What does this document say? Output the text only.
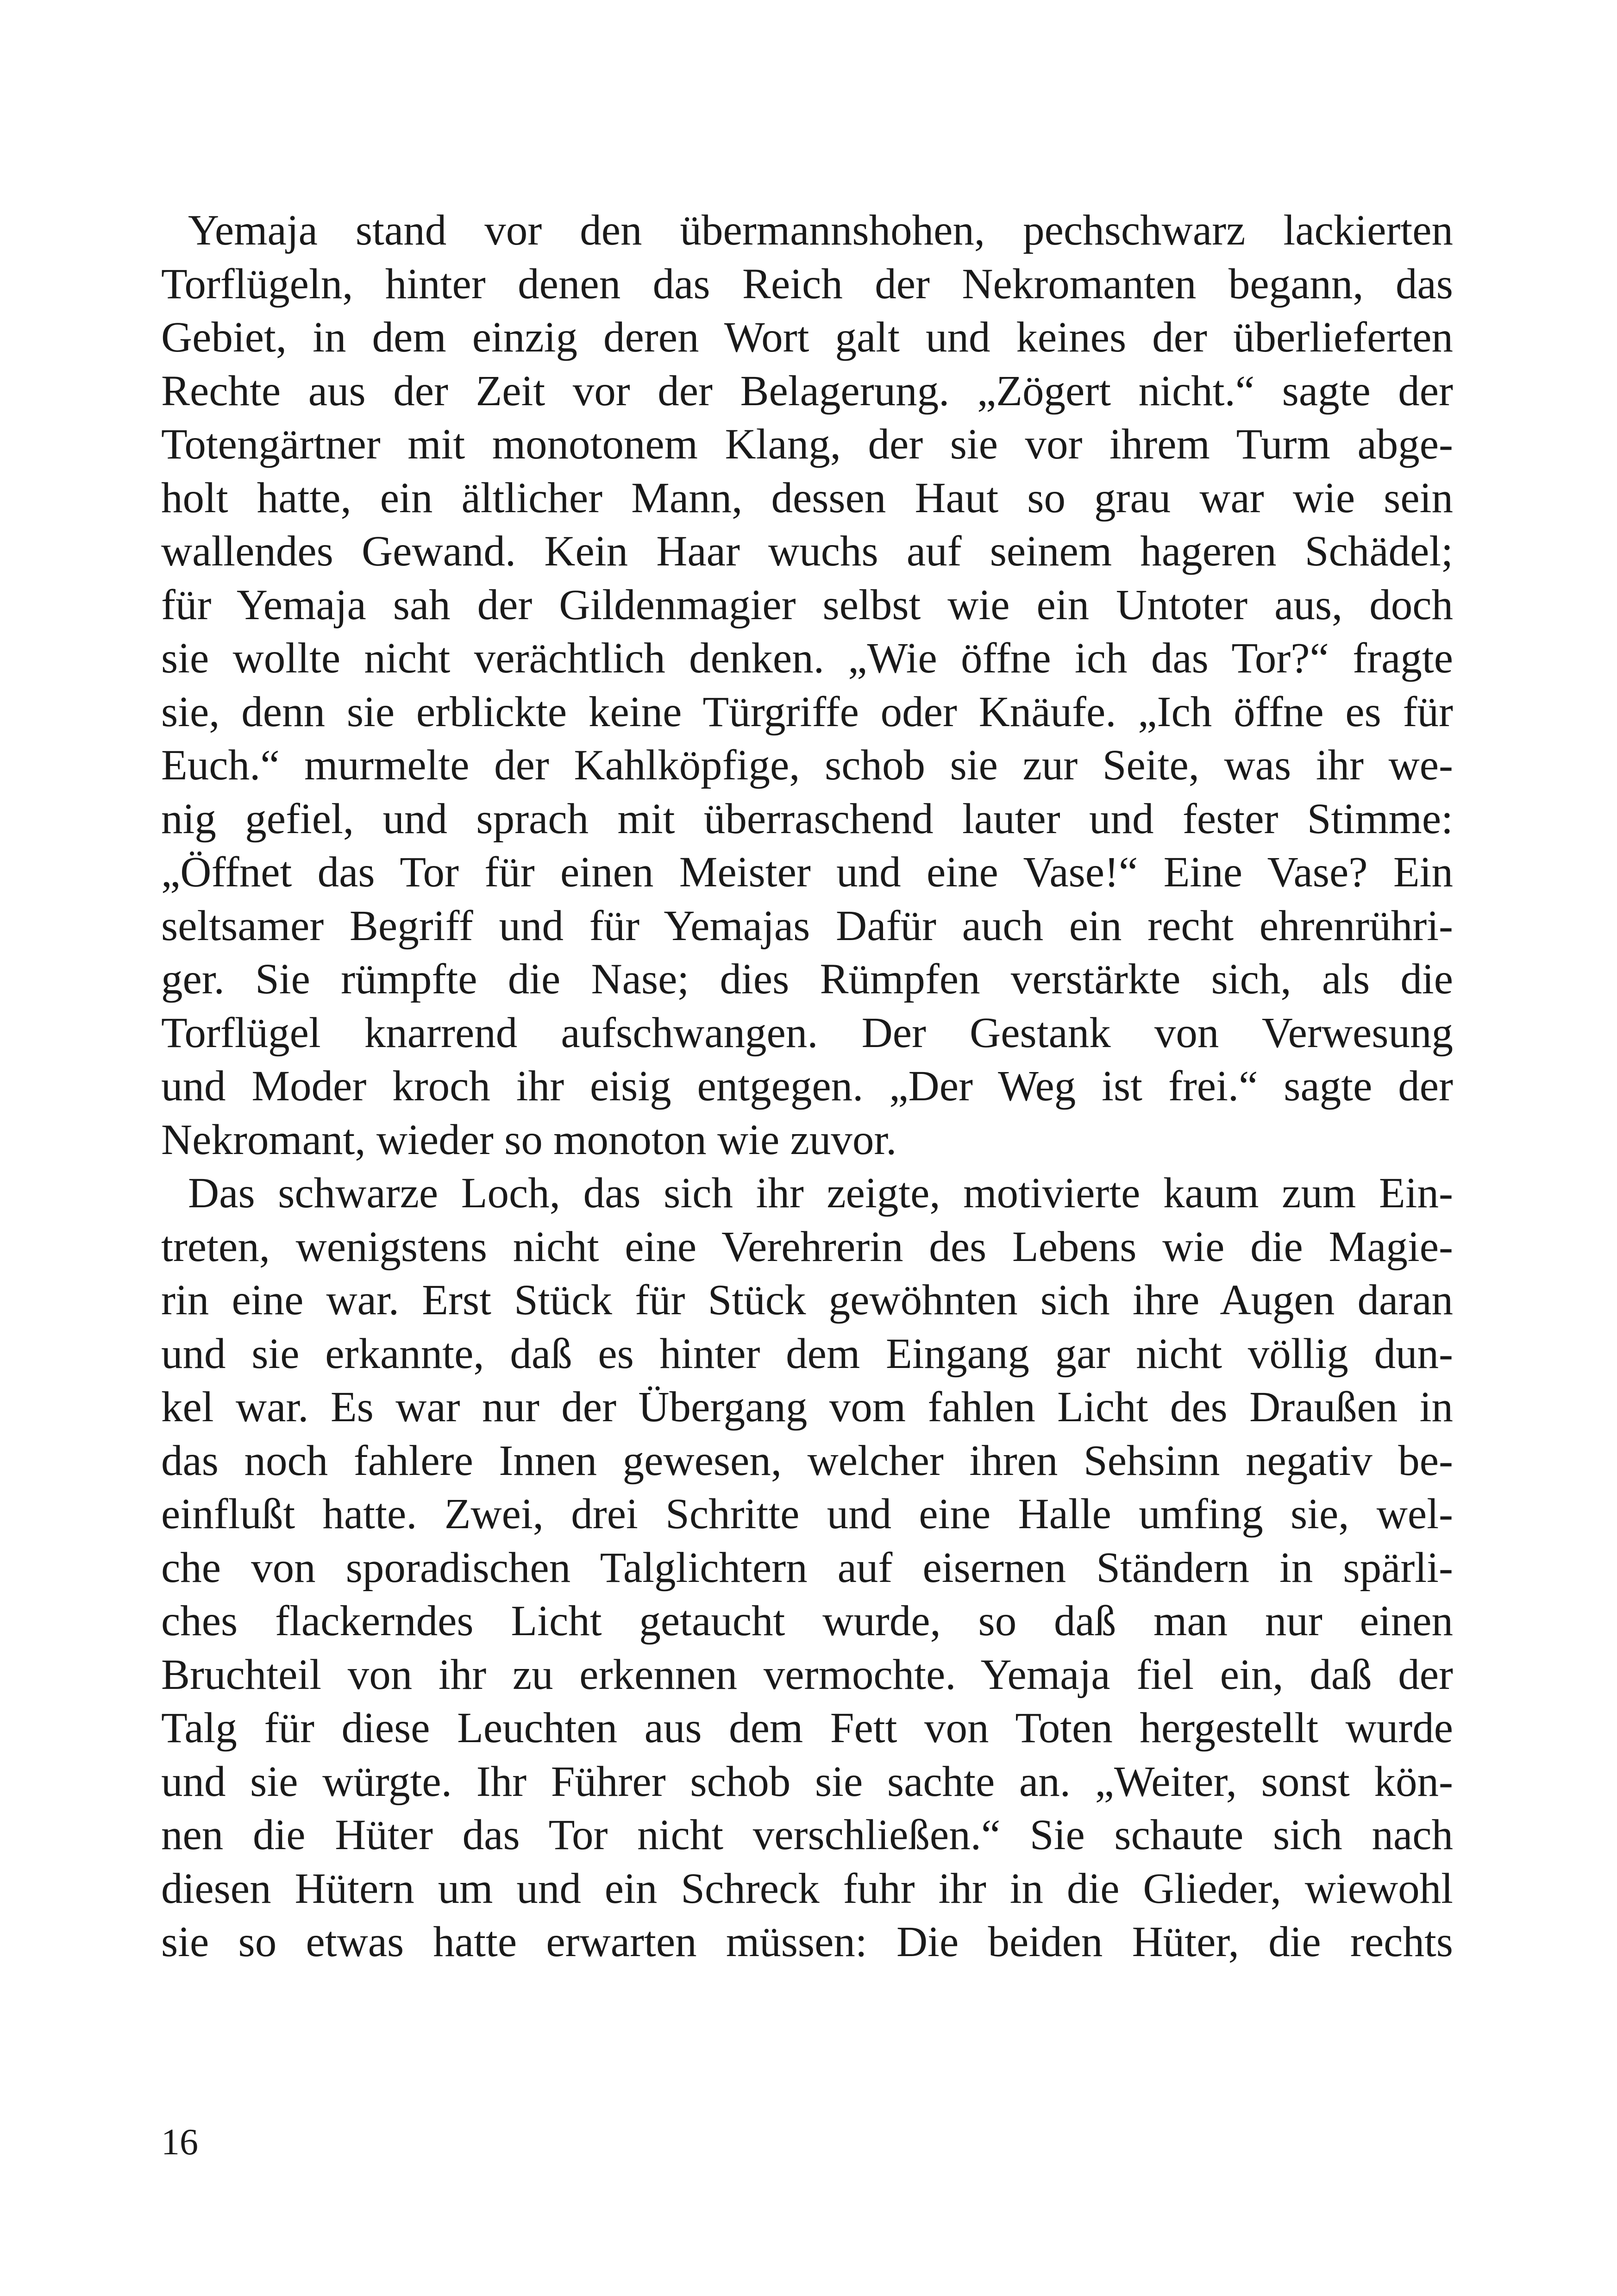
Yemaja stand vor den übermannshohen, pechschwarz lackierten
Torflügeln, hinter denen das Reich der Nekromanten begann, das
Gebiet, in dem einzig deren Wort galt und keines der überlieferten
Rechte aus der Zeit vor der Belagerung. „Zögert nicht.“ sagte der
Totengärtner mit monotonem Klang, der sie vor ihrem Turm abge-
holt hatte, ein ältlicher Mann, dessen Haut so grau war wie sein
wallendes Gewand. Kein Haar wuchs auf seinem hageren Schädel;
für Yemaja sah der Gildenmagier selbst wie ein Untoter aus, doch
sie wollte nicht verächtlich denken. „Wie öffne ich das Tor?“ fragte
sie, denn sie erblickte keine Türgriffe oder Knäufe. „Ich öffne es für
Euch.“ murmelte der Kahlköpfige, schob sie zur Seite, was ihr we-
nig gefiel, und sprach mit überraschend lauter und fester Stimme:
„Öffnet das Tor für einen Meister und eine Vase!“ Eine Vase? Ein
seltsamer Begriff und für Yemajas Dafür auch ein recht ehrenrühri-
ger. Sie rümpfte die Nase; dies Rümpfen verstärkte sich, als die
Torflügel knarrend aufschwangen. Der Gestank von Verwesung
und Moder kroch ihr eisig entgegen. „Der Weg ist frei.“ sagte der
Nekromant, wieder so monoton wie zuvor.

Das schwarze Loch, das sich ihr zeigte, motivierte kaum zum Ein-
treten, wenigstens nicht eine Verehrerin des Lebens wie die Magie-
rin eine war. Erst Stück für Stück gewöhnten sich ihre Augen daran
und sie erkannte, daß es hinter dem Eingang gar nicht völlig dun-
kel war. Es war nur der Übergang vom fahlen Licht des Draußen in
das noch fahlere Innen gewesen, welcher ihren Sehsinn negativ be-
einflußt hatte. Zwei, drei Schritte und eine Halle umfing sie, wel-
che von sporadischen Talglichtern auf eisernen Ständern in spärli-
ches flackerndes Licht getaucht wurde, so daß man nur einen
Bruchteil von ihr zu erkennen vermochte. Yemaja fiel ein, daß der
Talg für diese Leuchten aus dem Fett von Toten hergestellt wurde
und sie würgte. Ihr Führer schob sie sachte an. „Weiter, sonst kön-
nen die Hüter das Tor nicht verschließen.“ Sie schaute sich nach
diesen Hütern um und ein Schreck fuhr ihr in die Glieder, wiewohl
sie so etwas hatte erwarten müssen: Die beiden Hüter, die rechts

16
